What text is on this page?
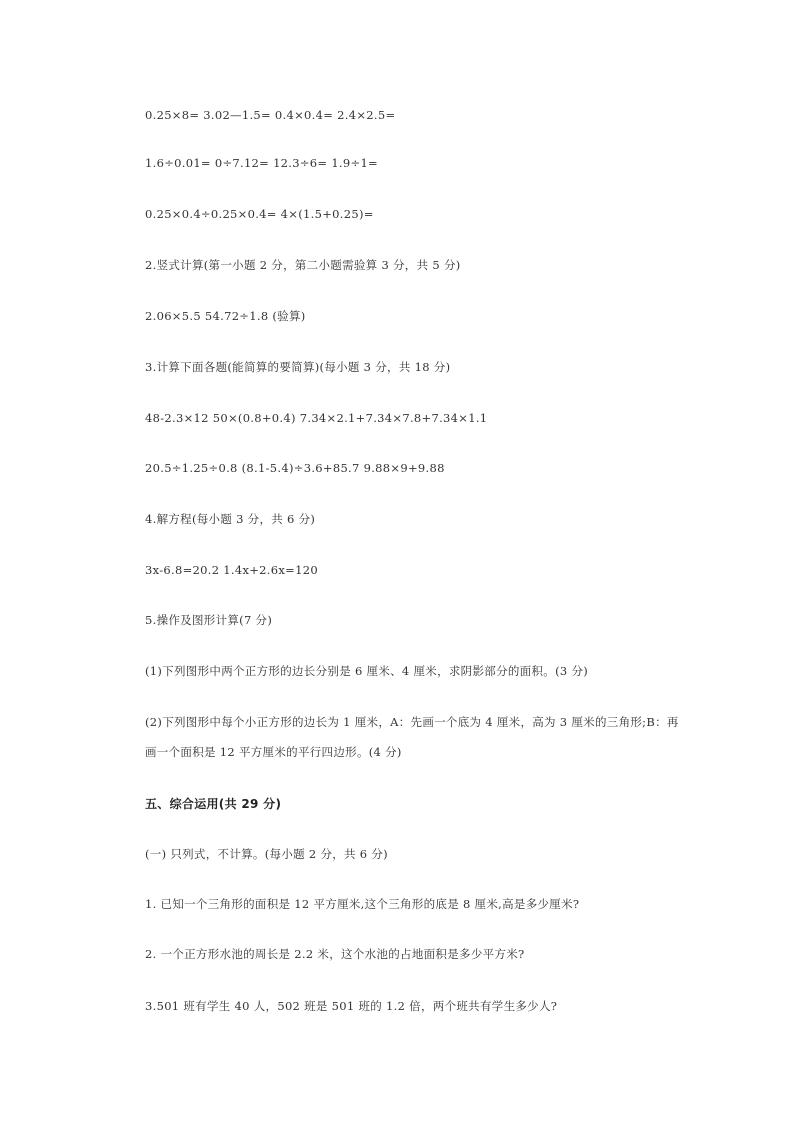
0.25×8= 3.02—1.5= 0.4×0.4= 2.4×2.5=
1.6÷0.01= 0÷7.12= 12.3÷6= 1.9÷1=
0.25×0.4÷0.25×0.4= 4×(1.5+0.25)=
2.竖式计算(第一小题 2 分，第二小题需验算 3 分，共 5 分)
2.06×5.5 54.72÷1.8 (验算)
3.计算下面各题(能简算的要简算)(每小题 3 分，共 18 分)
48-2.3×12 50×(0.8+0.4) 7.34×2.1+7.34×7.8+7.34×1.1
20.5÷1.25÷0.8 (8.1-5.4)÷3.6+85.7 9.88×9+9.88
4.解方程(每小题 3 分，共 6 分)
3x-6.8=20.2 1.4x+2.6x=120
5.操作及图形计算(7 分)
(1)下列图形中两个正方形的边长分别是 6 厘米、4 厘米，求阴影部分的面积。(3 分)
(2)下列图形中每个小正方形的边长为 1 厘米，A：先画一个底为 4 厘米，高为 3 厘米的三角形;B：再
画一个面积是 12 平方厘米的平行四边形。(4 分)
五、综合运用(共 29 分)
(一) 只列式，不计算。(每小题 2 分，共 6 分)
1. 已知一个三角形的面积是 12 平方厘米,这个三角形的底是 8 厘米,高是多少厘米?
2. 一个正方形水池的周长是 2.2 米，这个水池的占地面积是多少平方米?
3.501 班有学生 40 人，502 班是 501 班的 1.2 倍，两个班共有学生多少人?
